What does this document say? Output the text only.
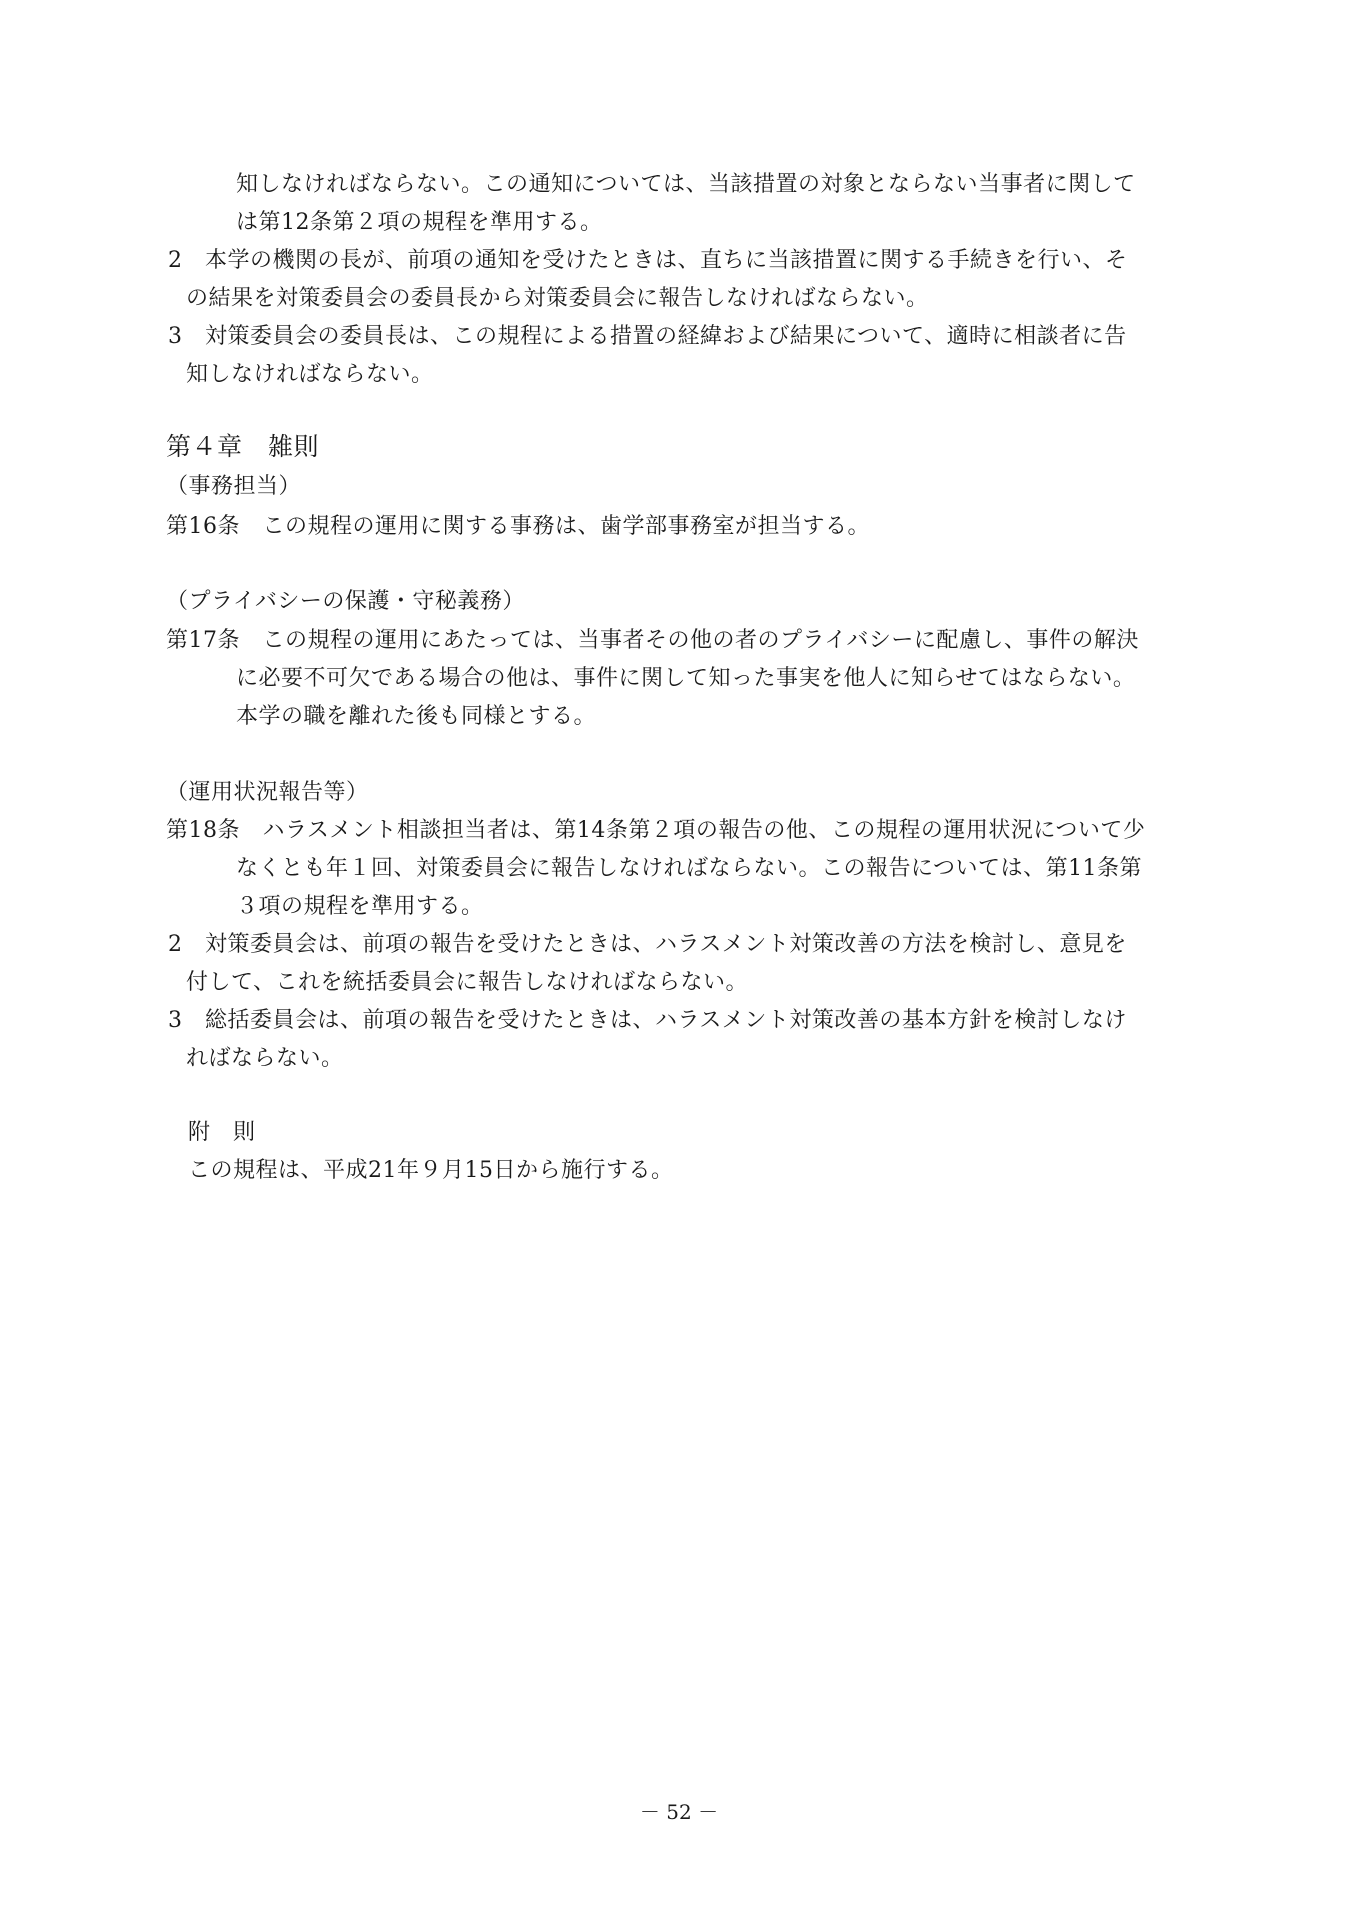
知しなければならない。この通知については、当該措置の対象とならない当事者に関して
は第12条第２項の規程を準用する。
2　本学の機関の長が、前項の通知を受けたときは、直ちに当該措置に関する手続きを行い、そ
の結果を対策委員会の委員長から対策委員会に報告しなければならない。
3　対策委員会の委員長は、この規程による措置の経緯および結果について、適時に相談者に告
知しなければならない。
第４章　雑則
（事務担当）
第16条　この規程の運用に関する事務は、歯学部事務室が担当する。
（プライバシーの保護・守秘義務）
第17条　この規程の運用にあたっては、当事者その他の者のプライバシーに配慮し、事件の解決
に必要不可欠である場合の他は、事件に関して知った事実を他人に知らせてはならない。
本学の職を離れた後も同様とする。
（運用状況報告等）
第18条　ハラスメント相談担当者は、第14条第２項の報告の他、この規程の運用状況について少
なくとも年１回、対策委員会に報告しなければならない。この報告については、第11条第
３項の規程を準用する。
2　対策委員会は、前項の報告を受けたときは、ハラスメント対策改善の方法を検討し、意見を
付して、これを統括委員会に報告しなければならない。
3　総括委員会は、前項の報告を受けたときは、ハラスメント対策改善の基本方針を検討しなけ
ればならない。
附　則
この規程は、平成21年９月15日から施行する。
－ 52 －
